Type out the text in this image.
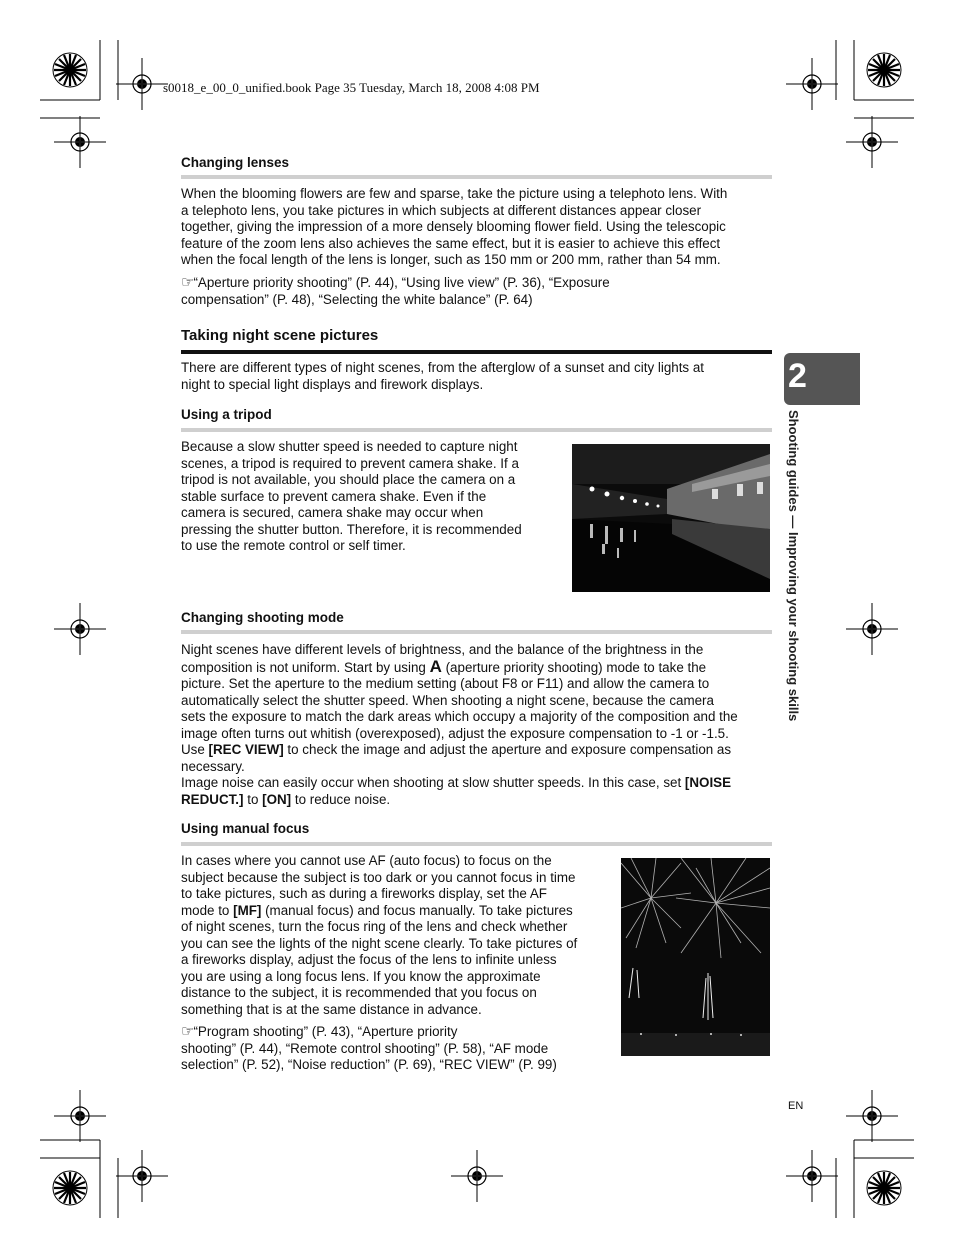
s0018_e_00_0_unified.book Page 35 Tuesday, March 18, 2008 4:08 PM
Changing lenses
When the blooming flowers are few and sparse, take the picture using a telephoto lens. With
a telephoto lens, you take pictures in which subjects at different distances appear closer
together, giving the impression of a more densely blooming flower field. Using the telescopic
feature of the zoom lens also achieves the same effect, but it is easier to achieve this effect
when the focal length of the lens is longer, such as 150 mm or 200 mm, rather than 54 mm.
☞“Aperture priority shooting” (P. 44), “Using live view” (P. 36), “Exposure
compensation” (P. 48), “Selecting the white balance” (P. 64)
Taking night scene pictures
There are different types of night scenes, from the afterglow of a sunset and city lights at
night to special light displays and firework displays.
Using a tripod
Because a slow shutter speed is needed to capture night
scenes, a tripod is required to prevent camera shake. If a
tripod is not available, you should place the camera on a
stable surface to prevent camera shake. Even if the
camera is secured, camera shake may occur when
pressing the shutter button. Therefore, it is recommended
to use the remote control or self timer.
Changing shooting mode
Night scenes have different levels of brightness, and the balance of the brightness in the
composition is not uniform. Start by using A (aperture priority shooting) mode to take the
picture. Set the aperture to the medium setting (about F8 or F11) and allow the camera to
automatically select the shutter speed. When shooting a night scene, because the camera
sets the exposure to match the dark areas which occupy a majority of the composition and the
image often turns out whitish (overexposed), adjust the exposure compensation to -1 or -1.5.
Use [REC VIEW] to check the image and adjust the aperture and exposure compensation as
necessary.
Image noise can easily occur when shooting at slow shutter speeds. In this case, set [NOISE
REDUCT.] to [ON] to reduce noise.
Using manual focus
In cases where you cannot use AF (auto focus) to focus on the
subject because the subject is too dark or you cannot focus in time
to take pictures, such as during a fireworks display, set the AF
mode to [MF] (manual focus) and focus manually. To take pictures
of night scenes, turn the focus ring of the lens and check whether
you can see the lights of the night scene clearly. To take pictures of
a fireworks display, adjust the focus of the lens to infinite unless
you are using a long focus lens. If you know the approximate
distance to the subject, it is recommended that you focus on
something that is at the same distance in advance.
☞“Program shooting” (P. 43), “Aperture priority
shooting” (P. 44), “Remote control shooting” (P. 58), “AF mode
selection” (P. 52), “Noise reduction” (P. 69), “REC VIEW” (P. 99)
2
Shooting guides — Improving your shooting skills
EN
